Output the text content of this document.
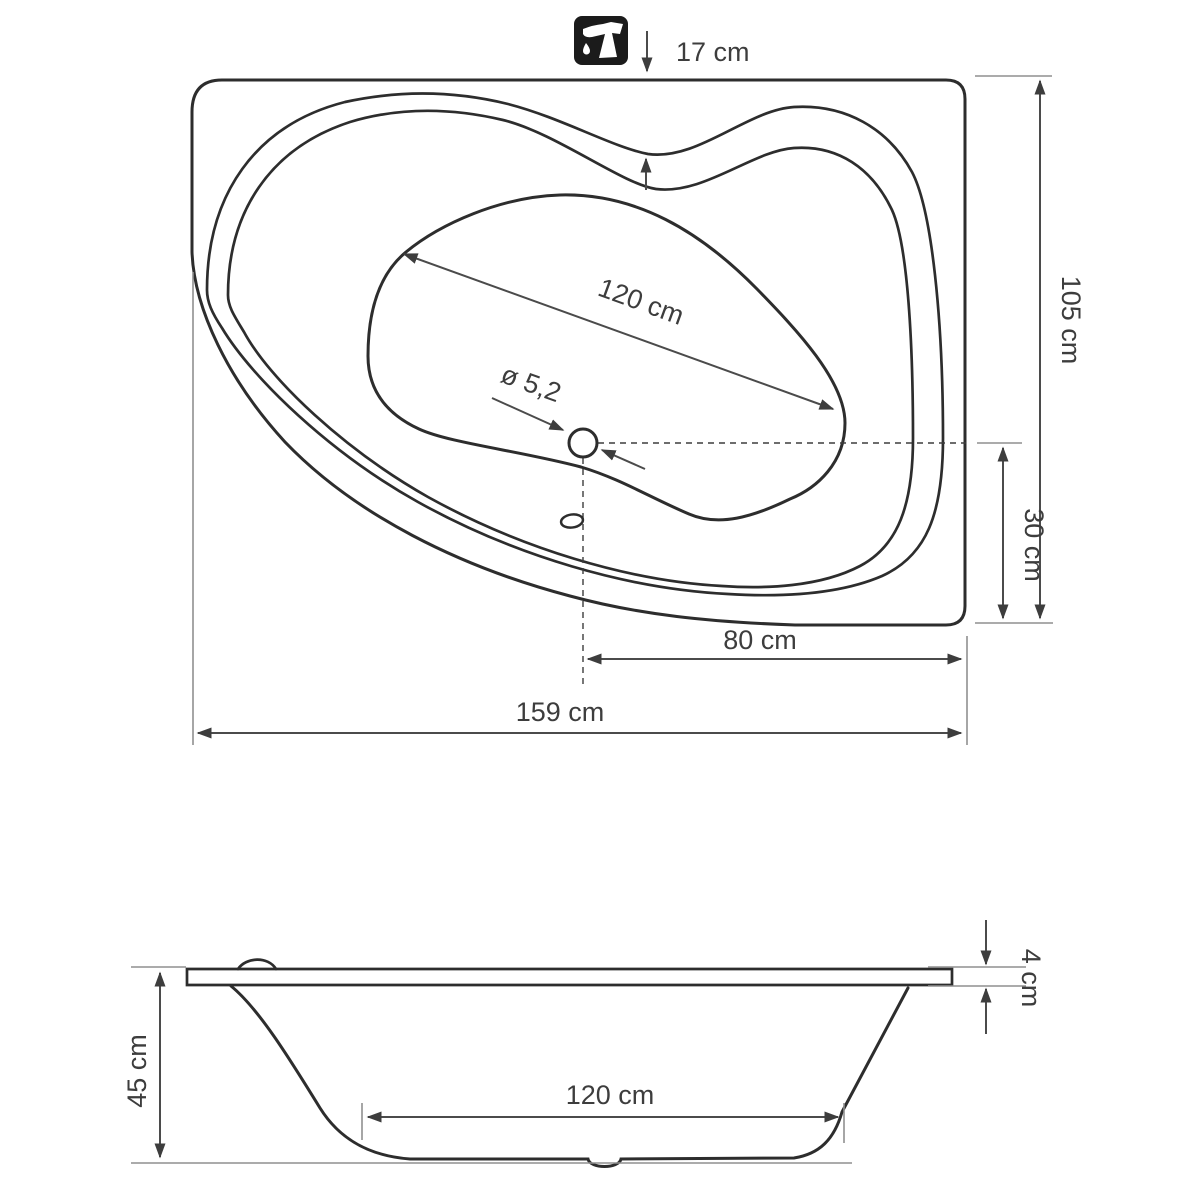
17 cm
105 cm
30 cm
120 cm
ø 5,2
80 cm
159 cm
45 cm	120 cm
4 cm
